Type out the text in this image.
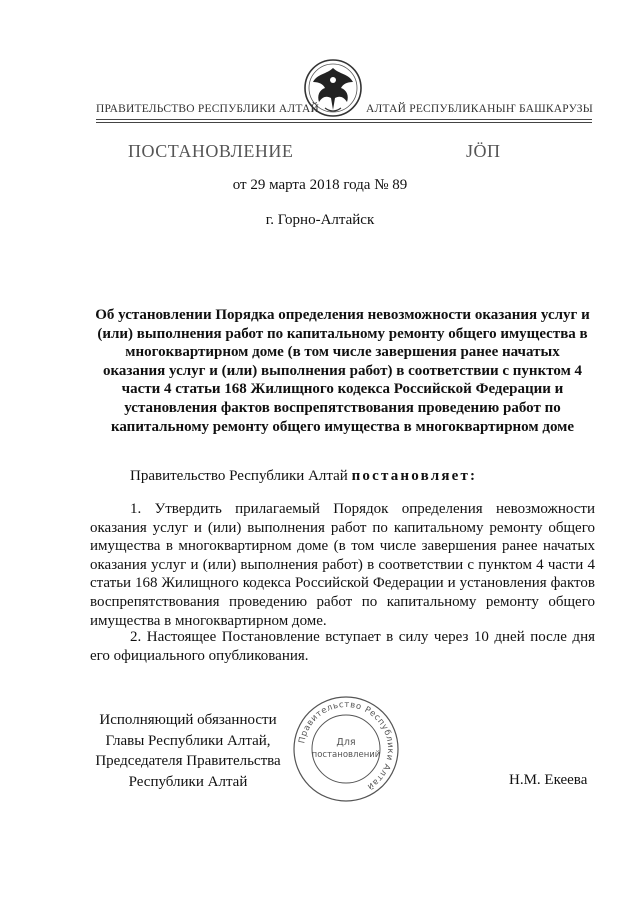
ПРАВИТЕЛЬСТВО РЕСПУБЛИКИ АЛТАЙ	АЛТАЙ РЕСПУБЛИКАНЫҤ БАШКАРУЗЫ
ПОСТАНОВЛЕНИЕ	ЈÖП
от 29 марта 2018 года № 89
г. Горно-Алтайск
Об установлении Порядка определения невозможности оказания услуг и
(или) выполнения работ по капитальному ремонту общего имущества в
многоквартирном доме (в том числе завершения ранее начатых
оказания услуг и (или) выполнения работ) в соответствии с пунктом 4
части 4 статьи 168 Жилищного кодекса Российской Федерации и
установления фактов воспрепятствования проведению работ по
капитальному ремонту общего имущества в многоквартирном доме
Правительство Республики Алтай постановляет:
1. Утвердить прилагаемый Порядок определения невозможности оказания услуг и (или) выполнения работ по капитальному ремонту общего имущества в многоквартирном доме (в том числе завершения ранее начатых оказания услуг и (или) выполнения работ) в соответствии с пунктом 4 части 4 статьи 168 Жилищного кодекса Российской Федерации и установления фактов воспрепятствования проведению работ по капитальному ремонту общего имущества в многоквартирном доме.
2. Настоящее Постановление вступает в силу через 10 дней после дня его официального опубликования.
Исполняющий обязанности
Главы Республики Алтай,
Председателя Правительства
Республики Алтай
Правительство Республики Алтай
Для
постановлений
Н.М. Екеева
